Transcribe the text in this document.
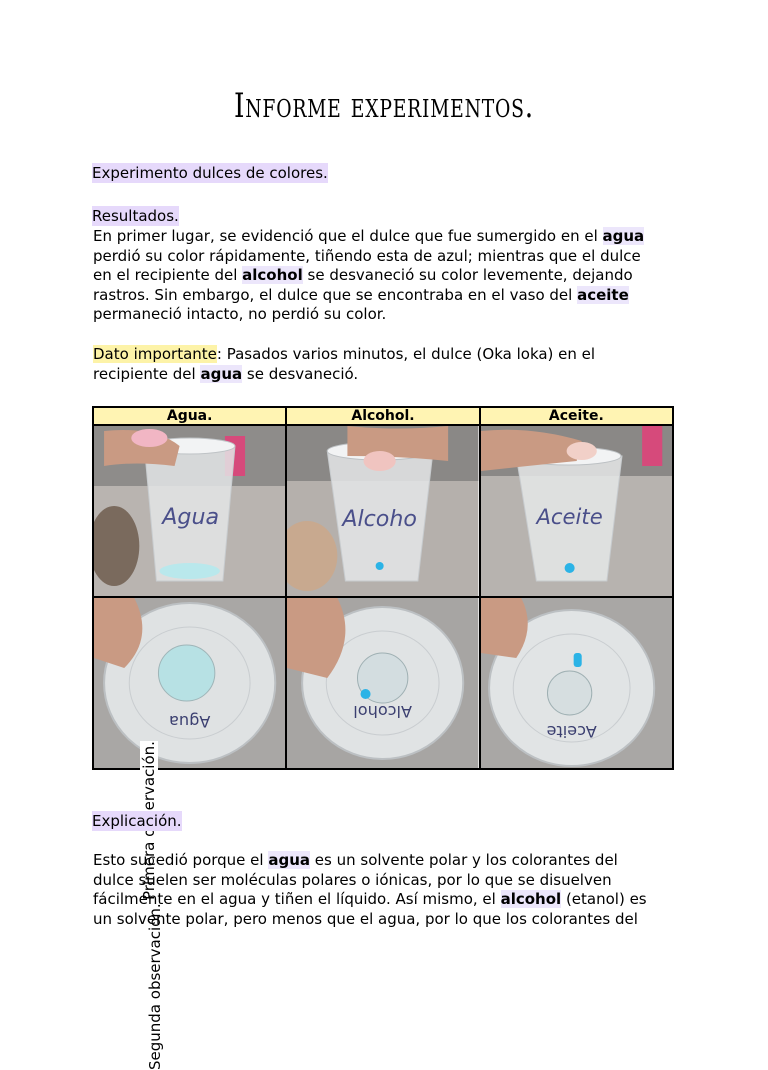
Informe experimentos.
Experimento dulces de colores.
Resultados.
En primer lugar, se evidenció que el dulce que fue sumergido en el agua
perdió su color rápidamente, tiñendo esta de azul; mientras que el dulce
en el recipiente del alcohol se desvaneció su color levemente, dejando
rastros. Sin embargo, el dulce que se encontraba en el vaso del aceite
permaneció intacto, no perdió su color.
Dato importante: Pasados varios minutos, el dulce (Oka loka) en el
recipiente del agua se desvaneció.
Agua.	Alcohol.	Aceite.

Agua	Alcoho	Aceite

Agua	Alcohol	Aceite
Segunda observación.
Explicación.
Esto sucedió porque el agua es un solvente polar y los colorantes del
dulce suelen ser moléculas polares o iónicas, por lo que se disuelven
fácilmente en el agua y tiñen el líquido. Así mismo, el alcohol (etanol) es
un solvente polar, pero menos que el agua, por lo que los colorantes del
